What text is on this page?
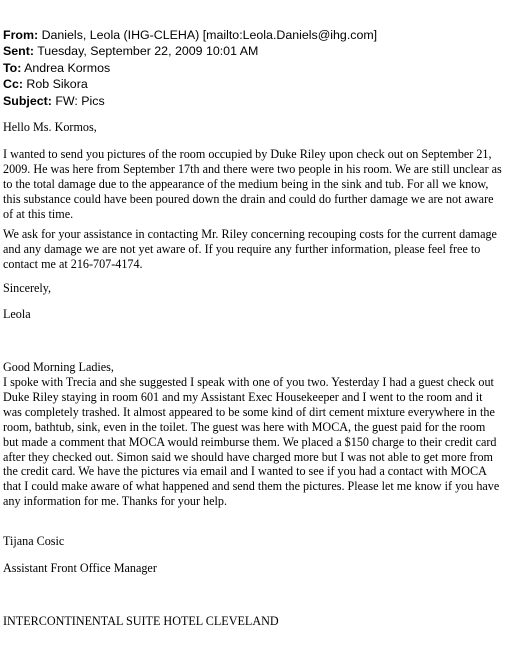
From: Daniels, Leola (IHG-CLEHA) [mailto:Leola.Daniels@ihg.com]
Sent: Tuesday, September 22, 2009 10:01 AM
To: Andrea Kormos
Cc: Rob Sikora
Subject: FW: Pics

Hello Ms. Kormos,

I wanted to send you pictures of the room occupied by Duke Riley upon check out on September 21, 2009. He was here from September 17th and there were two people in his room. We are still unclear as to the total damage due to the appearance of the medium being in the sink and tub. For all we know, this substance could have been poured down the drain and could do further damage we are not aware of at this time.

We ask for your assistance in contacting Mr. Riley concerning recouping costs for the current damage and any damage we are not yet aware of. If you require any further information, please feel free to contact me at 216-707-4174.

Sincerely,

Leola

Good Morning Ladies,

I spoke with Trecia and she suggested I speak with one of you two. Yesterday I had a guest check out Duke Riley staying in room 601 and my Assistant Exec Housekeeper and I went to the room and it was completely trashed. It almost appeared to be some kind of dirt cement mixture everywhere in the room, bathtub, sink, even in the toilet. The guest was here with MOCA, the guest paid for the room but made a comment that MOCA would reimburse them. We placed a $150 charge to their credit card after they checked out. Simon said we should have charged more but I was not able to get more from the credit card. We have the pictures via email and I wanted to see if you had a contact with MOCA that I could make aware of what happened and send them the pictures. Please let me know if you have any information for me. Thanks for your help.

Tijana Cosic

Assistant Front Office Manager

INTERCONTINENTAL SUITE HOTEL CLEVELAND
